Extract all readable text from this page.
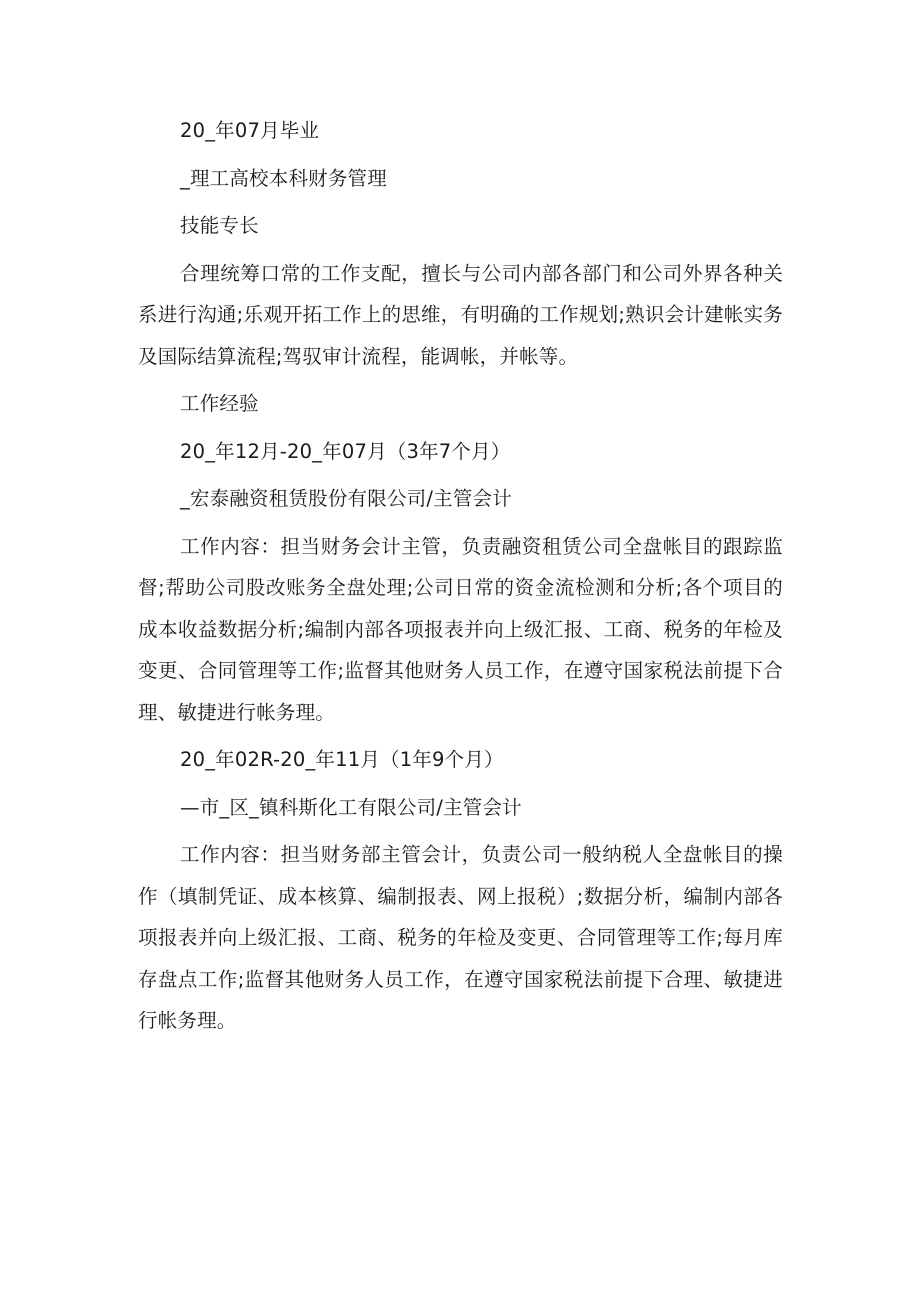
20_年07月毕业

_理工高校本科财务管理

技能专长

合理统筹口常的工作支配，擅长与公司内部各部门和公司外界各种关系进行沟通;乐观开拓工作上的思维，有明确的工作规划;熟识会计建帐实务及国际结算流程;驾驭审计流程，能调帐，并帐等。

工作经验

20_年12月-20_年07月（3年7个月）

_宏泰融资租赁股份有限公司/主管会计

工作内容：担当财务会计主管，负责融资租赁公司全盘帐目的跟踪监督;帮助公司股改账务全盘处理;公司日常的资金流检测和分析;各个项目的成本收益数据分析;编制内部各项报表并向上级汇报、工商、税务的年检及变更、合同管理等工作;监督其他财务人员工作，在遵守国家税法前提下合理、敏捷进行帐务理。

20_年02R-20_年11月（1年9个月）

—市_区_镇科斯化工有限公司/主管会计

工作内容：担当财务部主管会计，负责公司一般纳税人全盘帐目的操作（填制凭证、成本核算、编制报表、网上报税）;数据分析，编制内部各项报表并向上级汇报、工商、税务的年检及变更、合同管理等工作;每月库存盘点工作;监督其他财务人员工作，在遵守国家税法前提下合理、敏捷进行帐务理。
